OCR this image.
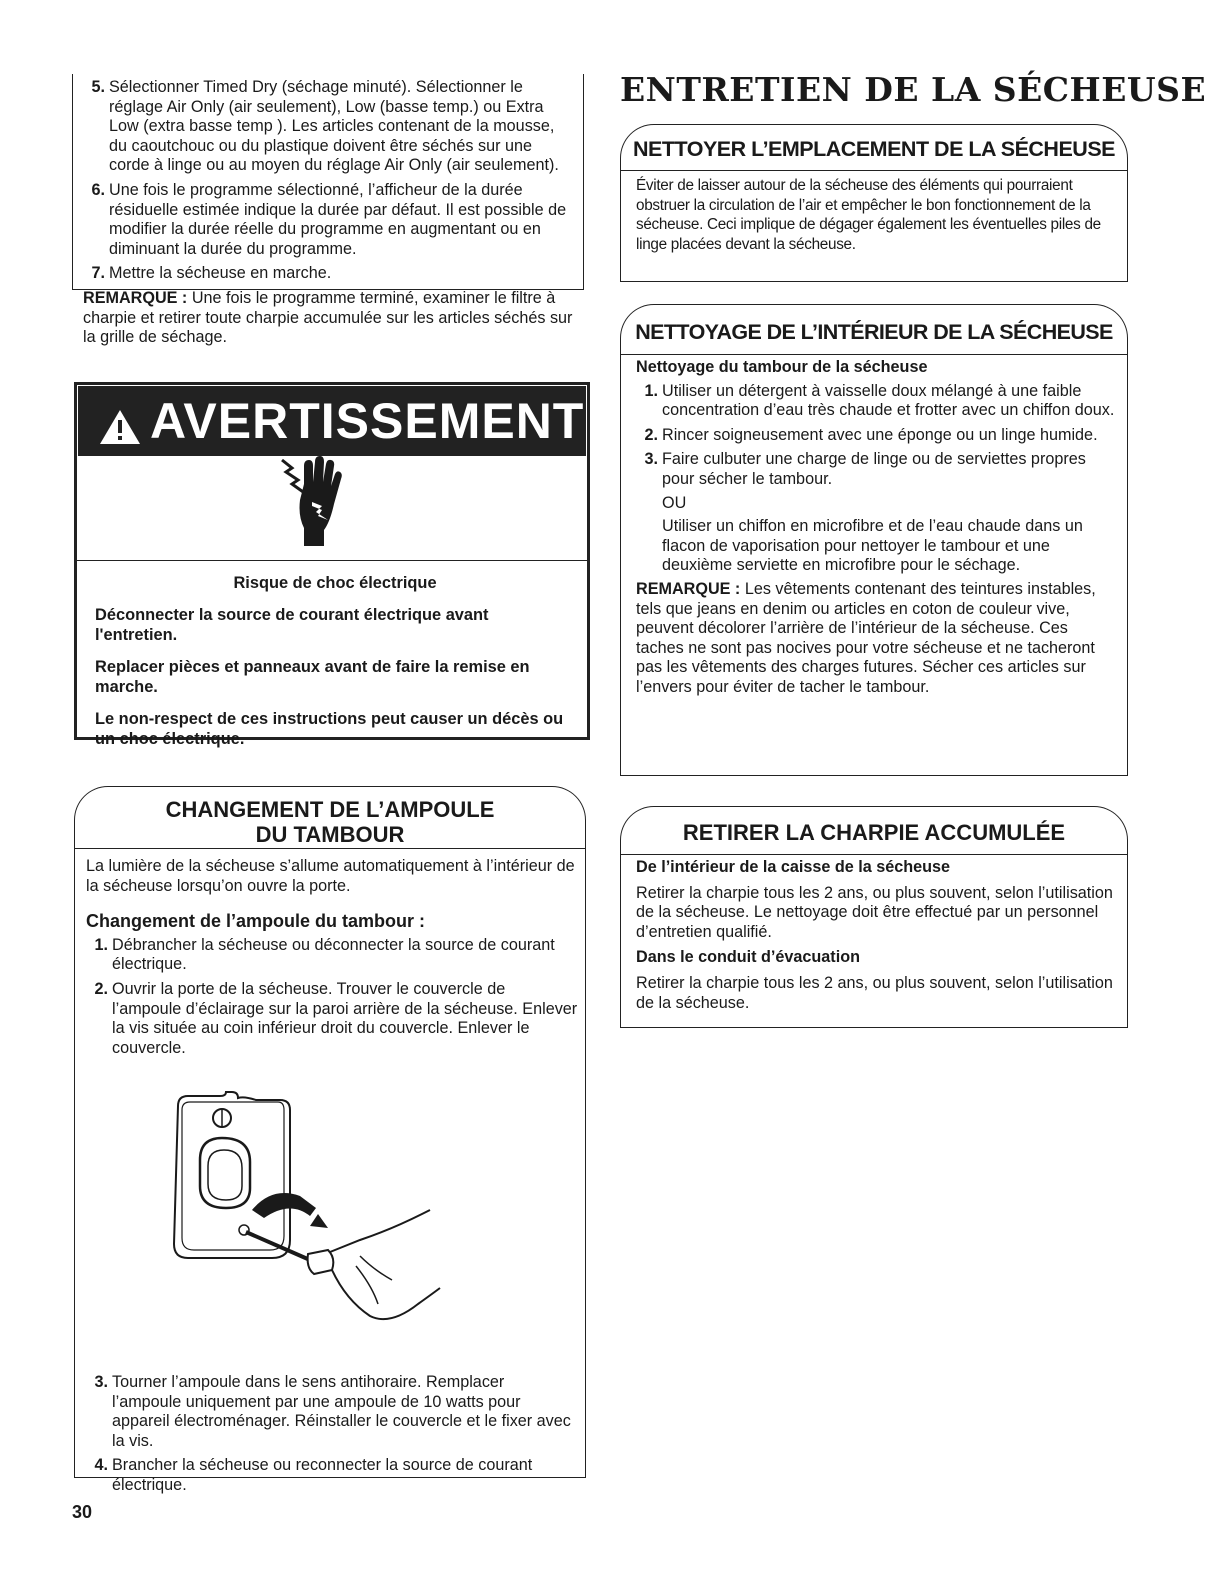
5. Sélectionner Timed Dry (séchage minuté). Sélectionner le réglage Air Only (air seulement), Low (basse temp.) ou Extra Low (extra basse temp ). Les articles contenant de la mousse, du caoutchouc ou du plastique doivent être séchés sur une corde à linge ou au moyen du réglage Air Only (air seulement).
6. Une fois le programme sélectionné, l’afficheur de la durée résiduelle estimée indique la durée par défaut. Il est possible de modifier la durée réelle du programme en augmentant ou en diminuant la durée du programme.
7. Mettre la sécheuse en marche.

REMARQUE : Une fois le programme terminé, examiner le filtre à charpie et retirer toute charpie accumulée sur les articles séchés sur la grille de séchage.

AVERTISSEMENT

Risque de choc électrique

Déconnecter la source de courant électrique avant l'entretien.

Replacer pièces et panneaux avant de faire la remise en marche.

Le non-respect de ces instructions peut causer un décès ou un choc électrique.

CHANGEMENT DE L’AMPOULE
DU TAMBOUR

La lumière de la sécheuse s’allume automatiquement à l’intérieur de la sécheuse lorsqu’on ouvre la porte.

Changement de l’ampoule du tambour :

1. Débrancher la sécheuse ou déconnecter la source de courant électrique.
2. Ouvrir la porte de la sécheuse. Trouver le couvercle de l’ampoule d’éclairage sur la paroi arrière de la sécheuse. Enlever la vis située au coin inférieur droit du couvercle. Enlever le couvercle.
3. Tourner l’ampoule dans le sens antihoraire. Remplacer l’ampoule uniquement par une ampoule de 10 watts pour appareil électroménager. Réinstaller le couvercle et le fixer avec la vis.
4. Brancher la sécheuse ou reconnecter la source de courant électrique.
30
ENTRETIEN DE LA SÉCHEUSE
NETTOYER L’EMPLACEMENT DE LA SÉCHEUSE
Éviter de laisser autour de la sécheuse des éléments qui pourraient obstruer la circulation de l’air et empêcher le bon fonctionnement de la sécheuse. Ceci implique de dégager également les éventuelles piles de linge placées devant la sécheuse.
NETTOYAGE DE L’INTÉRIEUR DE LA SÉCHEUSE

Nettoyage du tambour de la sécheuse

1. Utiliser un détergent à vaisselle doux mélangé à une faible concentration d’eau très chaude et frotter avec un chiffon doux.
2. Rincer soigneusement avec une éponge ou un linge humide.
3. Faire culbuter une charge de linge ou de serviettes propres pour sécher le tambour.

OU

Utiliser un chiffon en microfibre et de l’eau chaude dans un flacon de vaporisation pour nettoyer le tambour et une deuxième serviette en microfibre pour le séchage.

REMARQUE : Les vêtements contenant des teintures instables, tels que jeans en denim ou articles en coton de couleur vive, peuvent décolorer l’arrière de l’intérieur de la sécheuse. Ces taches ne sont pas nocives pour votre sécheuse et ne tacheront pas les vêtements des charges futures. Sécher ces articles sur l’envers pour éviter de tacher le tambour.

RETIRER LA CHARPIE ACCUMULÉE

De l’intérieur de la caisse de la sécheuse

Retirer la charpie tous les 2 ans, ou plus souvent, selon l’utilisation de la sécheuse. Le nettoyage doit être effectué par un personnel d’entretien qualifié.

Dans le conduit d’évacuation

Retirer la charpie tous les 2 ans, ou plus souvent, selon l’utilisation de la sécheuse.
